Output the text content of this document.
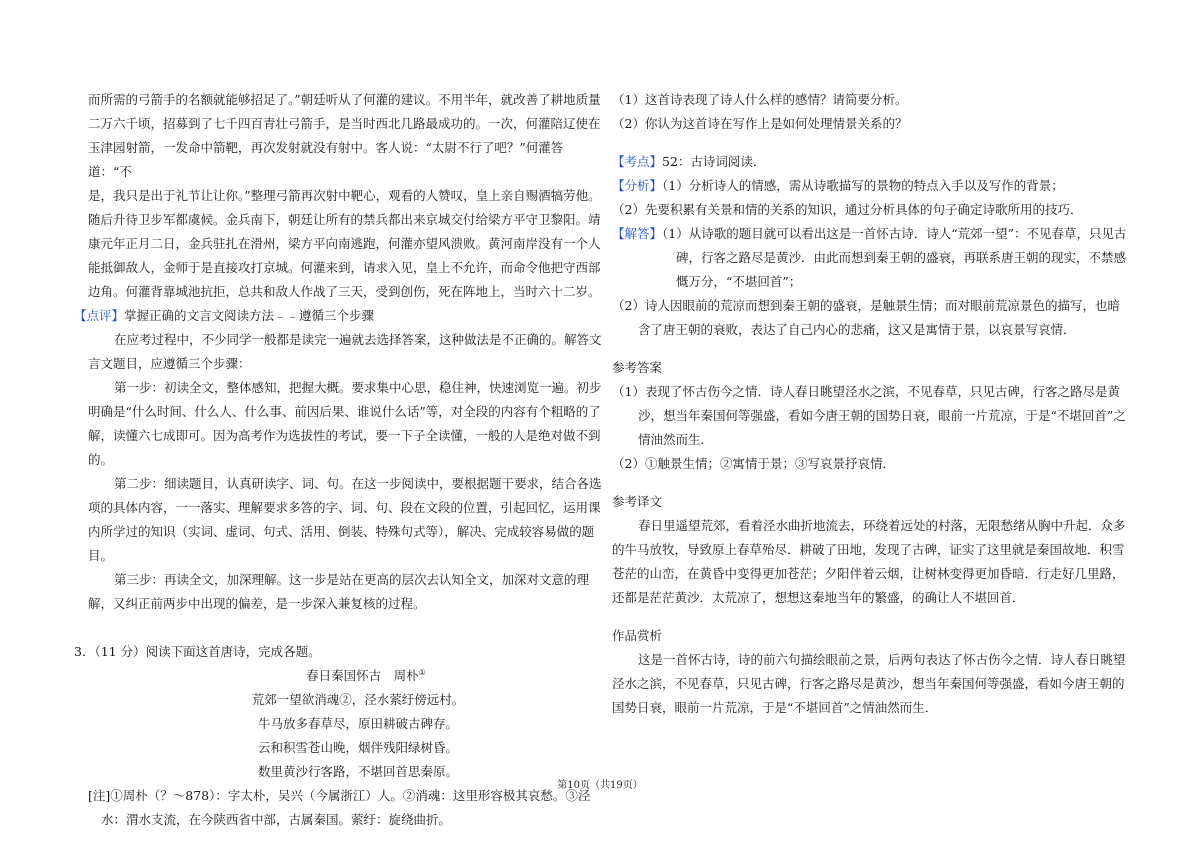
而所需的弓箭手的名额就能够招足了。”朝廷听从了何灌的建议。不用半年，就改善了耕地质量

二万六千顷，招募到了七千四百青壮弓箭手，是当时西北几路最成功的。一次，何灌陪辽使在

玉津园射箭，一发命中箭靶，再次发射就没有射中。客人说：“太尉不行了吧？”何灌答道：“不

是，我只是出于礼节让让你。”整理弓箭再次射中靶心，观看的人赞叹，皇上亲自赐酒犒劳他。

随后升待卫步军都虞候。金兵南下，朝廷让所有的禁兵都出来京城交付给梁方平守卫黎阳。靖

康元年正月二日，金兵驻扎在滑州，梁方平向南逃跑，何灌亦望风溃败。黄河南岸没有一个人

能抵御敌人，金师于是直接攻打京城。何灌来到，请求入见，皇上不允许，而命令他把守西部

边角。何灌背靠城池抗拒，总共和敌人作战了三天，受到创伤，死在阵地上，当时六十二岁。

【点评】掌握正确的文言文阅读方法﹣﹣遵循三个步骤

在应考过程中，不少同学一般都是读完一遍就去选择答案，这种做法是不正确的。解答文言文题目，应遵循三个步骤：

第一步：初读全文，整体感知，把握大概。要求集中心思，稳住神，快速浏览一遍。初步明确是“什么时间、什么人、什么事、前因后果、谁说什么话”等，对全段的内容有个粗略的了解，读懂六七成即可。因为高考作为选拔性的考试，要一下子全读懂，一般的人是绝对做不到的。

第二步：细读题目，认真研读字、词、句。在这一步阅读中，要根据题干要求，结合各选项的具体内容，一一落实、理解要求多答的字、词、句、段在文段的位置，引起回忆，运用课内所学过的知识（实词、虚词、句式、活用、倒装、特殊句式等），解决、完成较容易做的题目。

第三步：再读全文，加深理解。这一步是站在更高的层次去认知全文，加深对文意的理解，又纠正前两步中出现的偏差，是一步深入兼复核的过程。

3．（11 分）阅读下面这首唐诗，完成各题。

春日秦国怀古　周朴①

荒郊一望欲消魂②，泾水萦纡傍远村。

牛马放多春草尽，原田耕破古碑存。

云和积雪苍山晚，烟伴残阳绿树昏。

数里黄沙行客路，不堪回首思秦原。

[注]①周朴（？～878）：字太朴，吴兴（今属浙江）人。②消魂：这里形容极其哀愁。③泾水：渭水支流，在今陕西省中部，古属秦国。萦纡：旋绕曲折。

（1）这首诗表现了诗人什么样的感情？请简要分析。

（2）你认为这首诗在写作上是如何处理情景关系的？

【考点】52：古诗词阅读．

【分析】（1）分析诗人的情感，需从诗歌描写的景物的特点入手以及写作的背景；

（2）先要积累有关景和情的关系的知识，通过分析具体的句子确定诗歌所用的技巧．

【解答】（1）从诗歌的题目就可以看出这是一首怀古诗．诗人“荒郊一望”：不见春草，只见古碑，行客之路尽是黄沙．由此而想到秦王朝的盛衰，再联系唐王朝的现实，不禁感慨万分，“不堪回首”；

（2）诗人因眼前的荒凉而想到秦王朝的盛衰，是触景生情；而对眼前荒凉景色的描写，也暗含了唐王朝的衰败，表达了自己内心的悲痛，这又是寓情于景，以哀景写哀情．

参考答案

（1）表现了怀古伤今之情．诗人春日眺望泾水之滨，不见春草，只见古碑，行客之路尽是黄沙，想当年秦国何等强盛，看如今唐王朝的国势日衰，眼前一片荒凉，于是“不堪回首”之情油然而生．

（2）①触景生情；②寓情于景；③写哀景抒哀情．

参考译文

春日里遥望荒郊，看着泾水曲折地流去，环绕着远处的村落，无限愁绪从胸中升起．众多的牛马放牧，导致原上春草殆尽．耕破了田地，发现了古碑，证实了这里就是秦国故地．积雪苍茫的山峦，在黄昏中变得更加苍茫；夕阳伴着云烟，让树林变得更加昏暗．行走好几里路，还都是茫茫黄沙．太荒凉了，想想这秦地当年的繁盛，的确让人不堪回首．

作品赏析

这是一首怀古诗，诗的前六句描绘眼前之景，后两句表达了怀古伤今之情．诗人春日眺望泾水之滨，不见春草，只见古碑，行客之路尽是黄沙，想当年秦国何等强盛，看如今唐王朝的国势日衰，眼前一片荒凉，于是“不堪回首”之情油然而生．

第10页（共19页）
